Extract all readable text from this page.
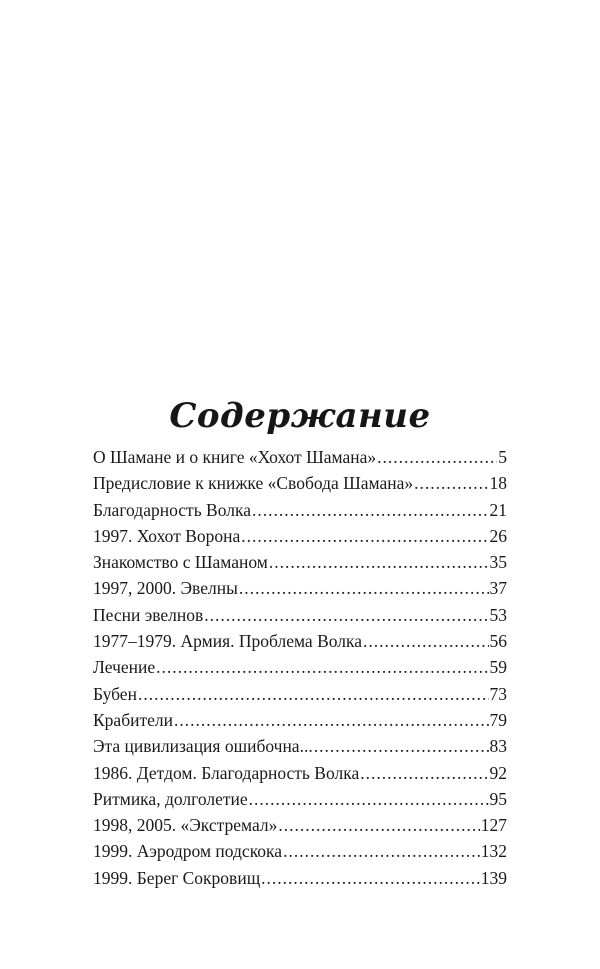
Содержание
О Шамане и о книге «Хохот Шамана» .....	5
Предисловие к книжке «Свобода Шамана» .....	18
Благодарность Волка .....	21
1997. Хохот Ворона .....	26
Знакомство с Шаманом .....	35
1997, 2000. Эвелны .....	37
Песни эвелнов .....	53
1977–1979. Армия. Проблема Волка .....	56
Лечение .....	59
Бубен .....	73
Крабители .....	79
Эта цивилизация ошибочна... .....	83
1986. Детдом. Благодарность Волка .....	92
Ритмика, долголетие .....	95
1998, 2005. «Экстремал» .....	127
1999. Аэродром подскока .....	132
1999. Берег Сокровищ .....	139
